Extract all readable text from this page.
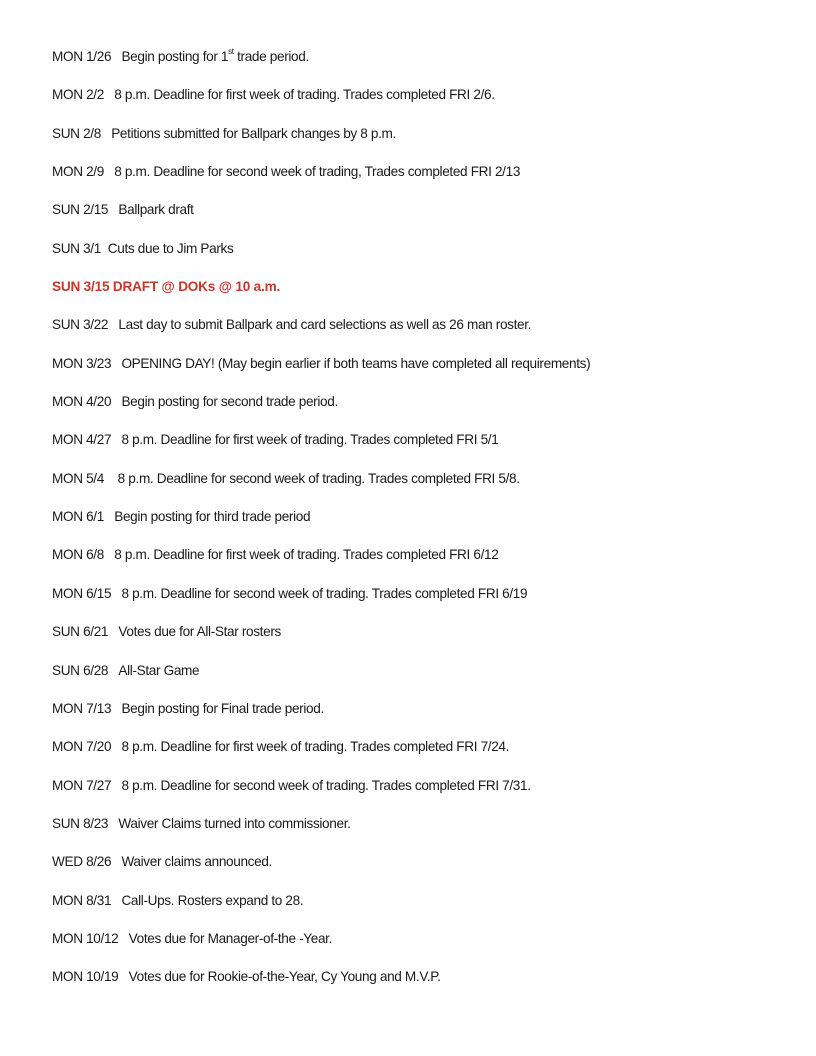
MON 1/26 Begin posting for 1st trade period.
MON 2/2 8 p.m. Deadline for first week of trading. Trades completed FRI 2/6.
SUN 2/8 Petitions submitted for Ballpark changes by 8 p.m.
MON 2/9 8 p.m. Deadline for second week of trading, Trades completed FRI 2/13
SUN 2/15 Ballpark draft
SUN 3/1 Cuts due to Jim Parks
SUN 3/15 DRAFT @ DOKs @ 10 a.m.
SUN 3/22 Last day to submit Ballpark and card selections as well as 26 man roster.
MON 3/23 OPENING DAY! (May begin earlier if both teams have completed all requirements)
MON 4/20 Begin posting for second trade period.
MON 4/27 8 p.m. Deadline for first week of trading. Trades completed FRI 5/1
MON 5/4 8 p.m. Deadline for second week of trading. Trades completed FRI 5/8.
MON 6/1 Begin posting for third trade period
MON 6/8 8 p.m. Deadline for first week of trading. Trades completed FRI 6/12
MON 6/15 8 p.m. Deadline for second week of trading. Trades completed FRI 6/19
SUN 6/21 Votes due for All-Star rosters
SUN 6/28 All-Star Game
MON 7/13 Begin posting for Final trade period.
MON 7/20 8 p.m. Deadline for first week of trading. Trades completed FRI 7/24.
MON 7/27 8 p.m. Deadline for second week of trading. Trades completed FRI 7/31.
SUN 8/23 Waiver Claims turned into commissioner.
WED 8/26 Waiver claims announced.
MON 8/31 Call-Ups. Rosters expand to 28.
MON 10/12 Votes due for Manager-of-the -Year.
MON 10/19 Votes due for Rookie-of-the-Year, Cy Young and M.V.P.
